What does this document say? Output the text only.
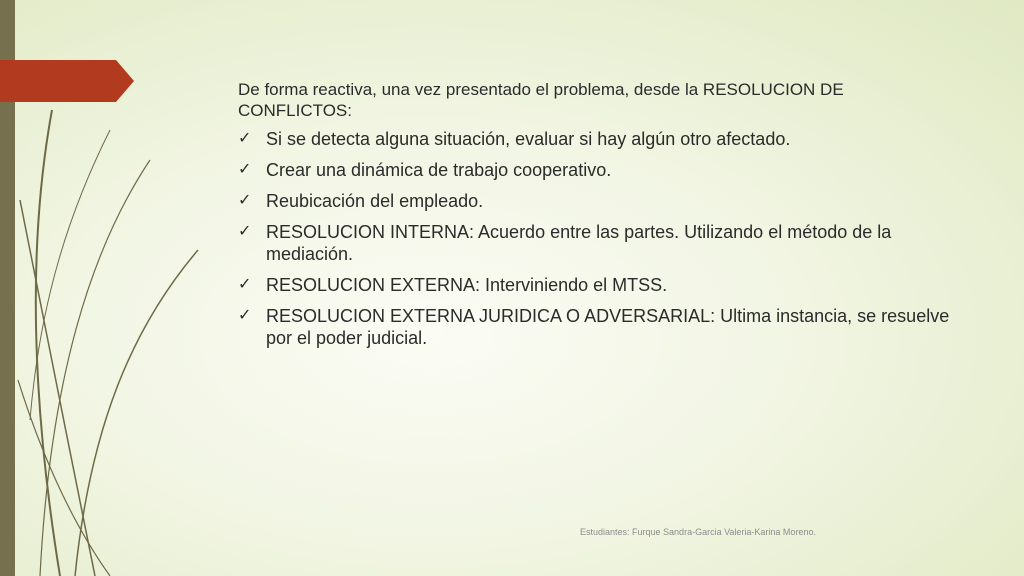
De forma reactiva, una vez presentado el problema, desde la RESOLUCION DE CONFLICTOS:
✓ Si se detecta alguna situación, evaluar si hay algún otro afectado.
✓ Crear una dinámica de trabajo cooperativo.
✓ Reubicación del empleado.
✓ RESOLUCION INTERNA: Acuerdo entre las partes. Utilizando el método de la mediación.
✓ RESOLUCION EXTERNA: Interviniendo el MTSS.
✓ RESOLUCION EXTERNA JURIDICA O ADVERSARIAL: Ultima instancia, se resuelve por el poder judicial.
Estudiantes: Furque Sandra-Garcia Valeria-Karina Moreno.
